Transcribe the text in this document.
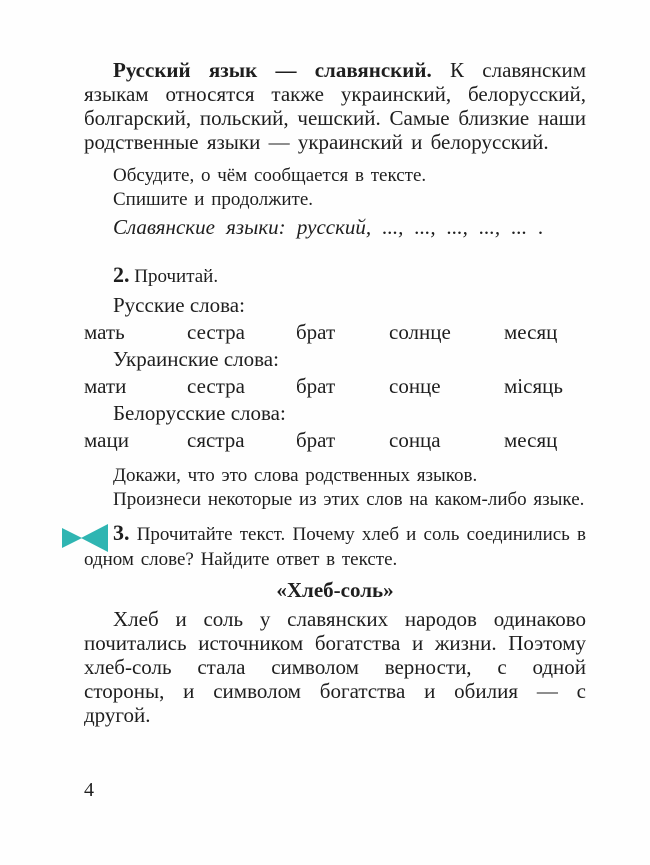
Русский язык — славянский. К славянским языкам относятся также украинский, белорусский, болгарский, польский, чешский. Самые близкие наши родственные языки — украинский и белорусский.

Обсудите, о чём сообщается в тексте.

Спишите и продолжите.

Славянские языки: русский, ..., ..., ..., ..., ... .

2. Прочитай.
Русские слова:
мать	сестра	брат	солнце	месяц
Украинские слова:
мати	сестра	брат	сонце	місяць
Белорусские слова:
маци	сястра	брат	сонца	месяц

Докажи, что это слова родственных языков.

Произнеси некоторые из этих слов на каком-либо языке.

3. Прочитайте текст. Почему хлеб и соль соединились в одном слове? Найдите ответ в тексте.

«Хлеб-соль»

Хлеб и соль у славянских народов одинаково почитались источником богатства и жизни. Поэтому хлеб-соль стала символом верности, с одной стороны, и символом богатства и обилия — с другой.

4
